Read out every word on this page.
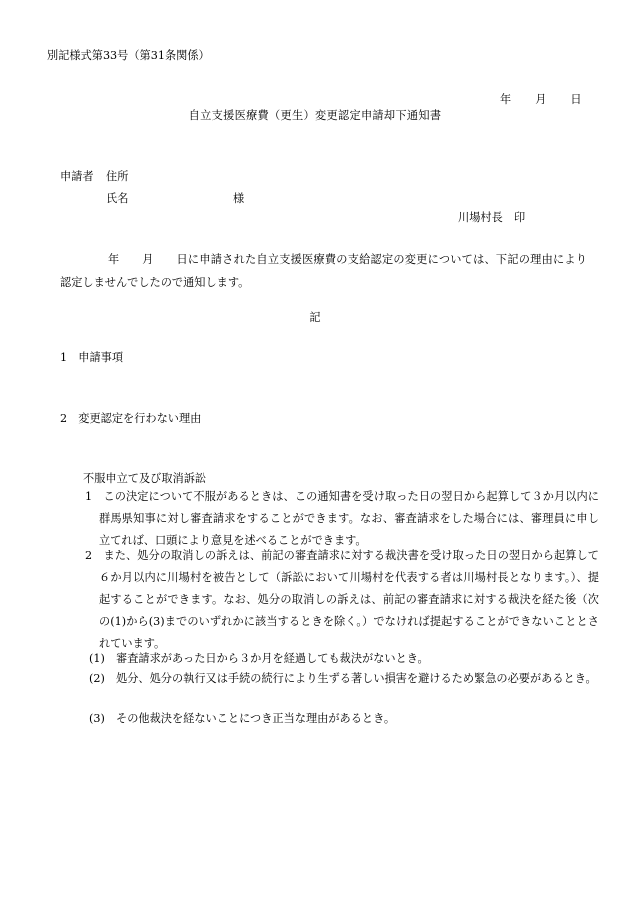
別記様式第33号（第31条関係）
年 月 日
自立支援医療費（更生）変更認定申請却下通知書
申請者 住所
氏名	様
川場村長　印
年　　月　　日に申請された自立支援医療費の支給認定の変更については、下記の理由により認定しませんでしたので通知します。
記
1　申請事項
2　変更認定を行わない理由
不服申立て及び取消訴訟
1　この決定について不服があるときは、この通知書を受け取った日の翌日から起算して３か月以内に群馬県知事に対し審査請求をすることができます。なお、審査請求をした場合には、審理員に申し立てれば、口頭により意見を述べることができます。
2　また、処分の取消しの訴えは、前記の審査請求に対する裁決書を受け取った日の翌日から起算して６か月以内に川場村を被告として（訴訟において川場村を代表する者は川場村長となります。）、提起することができます。なお、処分の取消しの訴えは、前記の審査請求に対する裁決を経た後（次の(1)から(3)までのいずれかに該当するときを除く。）でなければ提起することができないこととされています。
(1)　審査請求があった日から３か月を経過しても裁決がないとき。
(2)　処分、処分の執行又は手続の続行により生ずる著しい損害を避けるため緊急の必要があるとき。
(3)　その他裁決を経ないことにつき正当な理由があるとき。
